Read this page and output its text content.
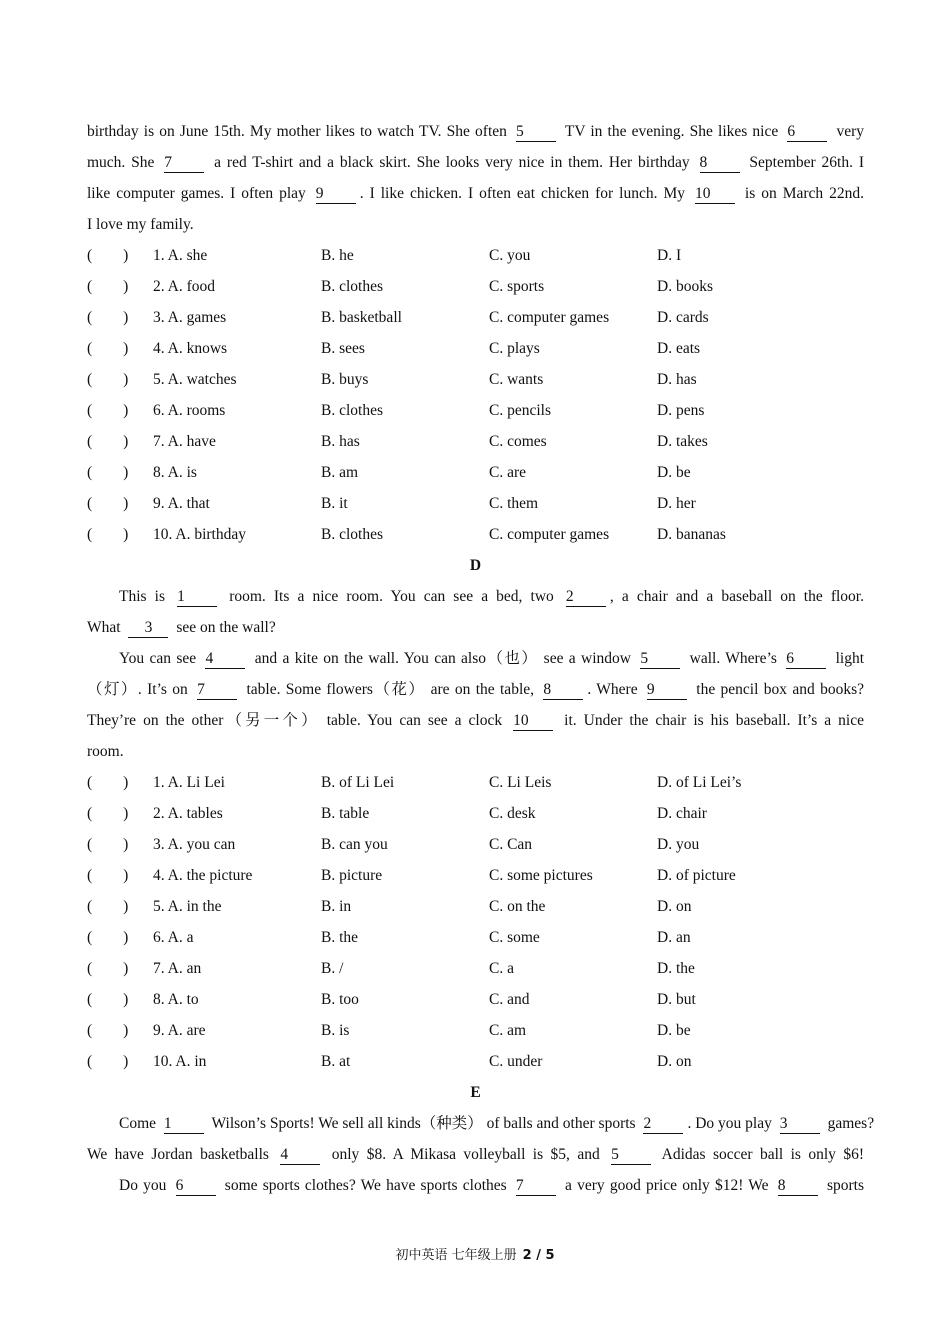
birthday is on June 15th. My mother likes to watch TV. She often 5 TV in the evening. She likes nice 6 very
much. She 7 a red T-shirt and a black skirt. She looks very nice in them. Her birthday 8 September 26th. I
like computer games. I often play 9 . I like chicken. I often eat chicken for lunch. My 10 is on March 22nd.
I love my family.
(　　)	1. A. she	B. he	C. you	D. I
(　　)	2. A. food	B. clothes	C. sports	D. books
(　　)	3. A. games	B. basketball	C. computer games	D. cards
(　　)	4. A. knows	B. sees	C. plays	D. eats
(　　)	5. A. watches	B. buys	C. wants	D. has
(　　)	6. A. rooms	B. clothes	C. pencils	D. pens
(　　)	7. A. have	B. has	C. comes	D. takes
(　　)	8. A. is	B. am	C. are	D. be
(　　)	9. A. that	B. it	C. them	D. her
(　　)	10. A. birthday	B. clothes	C. computer games	D. bananas
D
This is 1 room. Its a nice room. You can see a bed, two 2 , a chair and a baseball on the floor.
What 3 see on the wall?
You can see 4 and a kite on the wall. You can also（也） see a window 5 wall. Where’s 6 light
（灯）. It’s on 7 table. Some flowers（花） are on the table, 8 . Where 9 the pencil box and books?
They’re on the other（另一个） table. You can see a clock 10 it. Under the chair is his baseball. It’s a nice
room.
(　　)	1. A. Li Lei	B. of Li Lei	C. Li Leis	D. of Li Lei’s
(　　)	2. A. tables	B. table	C. desk	D. chair
(　　)	3. A. you can	B. can you	C. Can	D. you
(　　)	4. A. the picture	B. picture	C. some pictures	D. of picture
(　　)	5. A. in the	B. in	C. on the	D. on
(　　)	6. A. a	B. the	C. some	D. an
(　　)	7. A. an	B. /	C. a	D. the
(　　)	8. A. to	B. too	C. and	D. but
(　　)	9. A. are	B. is	C. am	D. be
(　　)	10. A. in	B. at	C. under	D. on
E
Come 1 Wilson’s Sports! We sell all kinds（种类） of balls and other sports 2 . Do you play 3 games?
We have Jordan basketballs 4 only $8. A Mikasa volleyball is $5, and 5 Adidas soccer ball is only $6!
Do you 6 some sports clothes? We have sports clothes 7 a very good price only $12! We 8 sports
初中英语 七年级上册 2 / 5
